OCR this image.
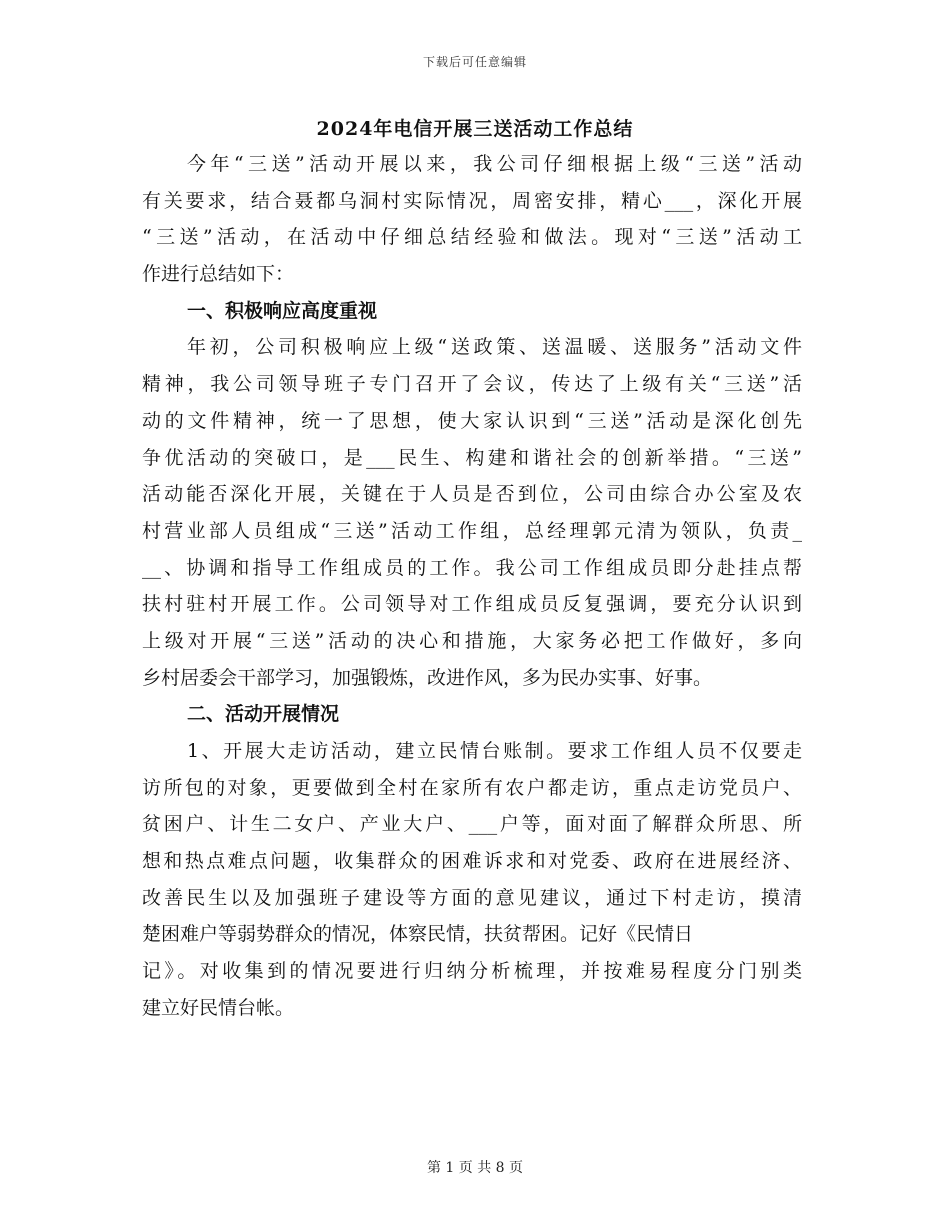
下载后可任意编辑
2024年电信开展三送活动工作总结
今年“三送”活动开展以来，我公司仔细根据上级“三送”活动
有关要求，结合聂都乌洞村实际情况，周密安排，精心___，深化开展
“三送”活动，在活动中仔细总结经验和做法。现对“三送”活动工
作进行总结如下：
一、积极响应高度重视
年初，公司积极响应上级“送政策、送温暖、送服务”活动文件
精神，我公司领导班子专门召开了会议，传达了上级有关“三送”活
动的文件精神，统一了思想，使大家认识到“三送”活动是深化创先
争优活动的突破口，是___民生、构建和谐社会的创新举措。“三送”
活动能否深化开展，关键在于人员是否到位，公司由综合办公室及农
村营业部人员组成“三送”活动工作组，总经理郭元清为领队，负责_
__、协调和指导工作组成员的工作。我公司工作组成员即分赴挂点帮
扶村驻村开展工作。公司领导对工作组成员反复强调，要充分认识到
上级对开展“三送”活动的决心和措施，大家务必把工作做好，多向
乡村居委会干部学习，加强锻炼，改进作风，多为民办实事、好事。
二、活动开展情况
1、开展大走访活动，建立民情台账制。要求工作组人员不仅要走
访所包的对象，更要做到全村在家所有农户都走访，重点走访党员户、
贫困户、计生二女户、产业大户、___户等，面对面了解群众所思、所
想和热点难点问题，收集群众的困难诉求和对党委、政府在进展经济、
改善民生以及加强班子建设等方面的意见建议，通过下村走访，摸清
楚困难户等弱势群众的情况，体察民情，扶贫帮困。记好《民情日
记》。对收集到的情况要进行归纳分析梳理，并按难易程度分门别类
建立好民情台帐。
第 1 页 共 8 页
